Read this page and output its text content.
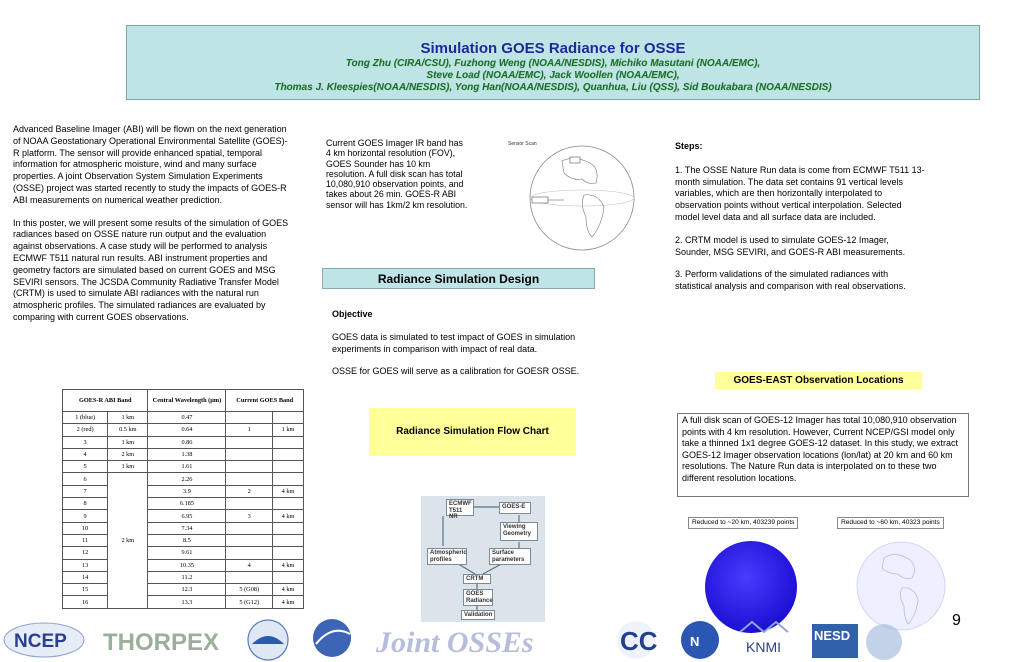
Simulation GOES Radiance for OSSE
Tong Zhu (CIRA/CSU), Fuzhong Weng (NOAA/NESDIS), Michiko Masutani (NOAA/EMC),
Steve Load (NOAA/EMC), Jack Woollen (NOAA/EMC),
Thomas J. Kleespies(NOAA/NESDIS), Yong Han(NOAA/NESDIS), Quanhua, Liu (QSS), Sid Boukabara (NOAA/NESDIS)

Advanced Baseline Imager (ABI) will be flown on the next generation of NOAA Geostationary Operational Environmental Satellite (GOES)-R platform. The sensor will provide enhanced spatial, temporal information for atmospheric moisture, wind and many surface properties. A joint Observation System Simulation Experiments (OSSE) project was started recently to study the impacts of GOES-R ABI measurements on numerical weather prediction.

In this poster, we will present some results of the simulation of GOES radiances based on OSSE nature run output and the evaluation against observations. A case study will be performed to analysis ECMWF T511 natural run results. ABI instrument properties and geometry factors are simulated based on current GOES and MSG SEVIRI sensors. The JCSDA Community Radiative Transfer Model (CRTM) is used to simulate ABI radiances with the natural run atmospheric profiles. The simulated radiances are evaluated by comparing with current GOES observations.

GOES-R ABI Band		Central Wavelength (µm)	Current GOES Band	
1 (blue)	1 km	0.47		
2 (red)	0.5 km	0.64	1	1 km
3	1 km	0.86		
4	2 km	1.38		
5	1 km	1.61		
6	2 km	2.26		
7		3.9	2	4 km
8		6.185		
9		6.95	3	4 km
10		7.34		
11		8.5		
12		9.61		
13		10.35	4	4 km
14		11.2		
15		12.3	5 (G08)	4 km
16		13.3	5 (G12)	4 km
Current GOES Imager IR band has 4 km horizontal resolution (FOV), GOES Sounder has 10 km resolution. A full disk scan has total 10,080,910 observation points, and takes about 26 min. GOES-R ABI sensor will has 1km/2 km resolution.
Sensor Scan
Radiance Simulation Design

Objective

GOES data is simulated to test impact of GOES in simulation experiments in comparison with impact of real data.

OSSE for GOES will serve as a calibration for GOESR OSSE.

Radiance Simulation Flow Chart
ECMWF T511 NR
GOES-E
Viewing Geometry
Atmospheric profiles
Surface parameters
CRTM
GOES Radiance
Validation

Steps:

1. The OSSE Nature Run data is come from ECMWF T511 13-month simulation. The data set contains 91 vertical levels variables, which are then horizontally interpolated to observation points without vertical interpolation. Selected model level data and all surface data are included.

2. CRTM model is used to simulate GOES-12 Imager, Sounder, MSG SEVIRI, and GOES-R ABI measurements.

3. Perform validations of the simulated radiances with statistical analysis and comparison with real observations.

GOES-EAST Observation Locations
A full disk scan of GOES-12 Imager has total 10,080,910 observation points with 4 km resolution. However, Current NCEP/GSI model only take a thinned 1x1 degree GOES-12 dataset. In this study, we extract GOES-12 Imager observation locations (lon/lat) at 20 km and 60 km resolutions. The Nature Run data is interpolated on to these two different resolution locations.
Reduced to ~20 km, 403239 points	Reduced to ~60 km, 40323 points
9
NCEP THORPEX	Joint OSSEs	CC N	KNMI
NESD
